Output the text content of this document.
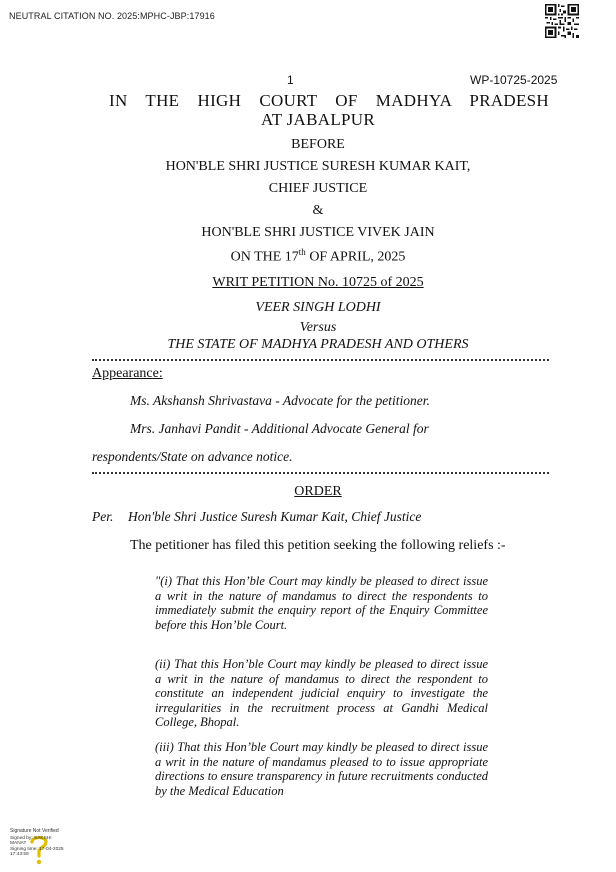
NEUTRAL CITATION NO. 2025:MPHC-JBP:17916
1	WP-10725-2025
IN THE HIGH COURT OF MADHYA PRADESH
AT JABALPUR
BEFORE
HON'BLE SHRI JUSTICE SURESH KUMAR KAIT,
CHIEF JUSTICE
&
HON'BLE SHRI JUSTICE VIVEK JAIN
ON THE 17th OF APRIL, 2025
WRIT PETITION No. 10725 of 2025
VEER SINGH LODHI
Versus
THE STATE OF MADHYA PRADESH AND OTHERS
Appearance:
Ms. Akshansh Shrivastava - Advocate for the petitioner.
Mrs. Janhavi Pandit - Additional Advocate General for
respondents/State on advance notice.
ORDER
Per. Hon'ble Shri Justice Suresh Kumar Kait, Chief Justice
The petitioner has filed this petition seeking the following reliefs :-

"(i) That this Hon’ble Court may kindly be pleased to direct issue a writ in the nature of mandamus to direct the respondents to immediately submit the enquiry report of the Enquiry Committee before this Hon’ble Court.

(ii) That this Hon’ble Court may kindly be pleased to direct issue a writ in the nature of mandamus to direct the respondent to constitute an independent judicial enquiry to investigate the irregularities in the recruitment process at Gandhi Medical College, Bhopal.

(iii) That this Hon’ble Court may kindly be pleased to direct issue a writ in the nature of mandamus pleased to to issue appropriate directions to ensure transparency in future recruitments conducted by the Medical Education

Signature Not Verified
Signed by: SAKSHI
MANAT
Signing time: 17-04-2025
17:43:59
